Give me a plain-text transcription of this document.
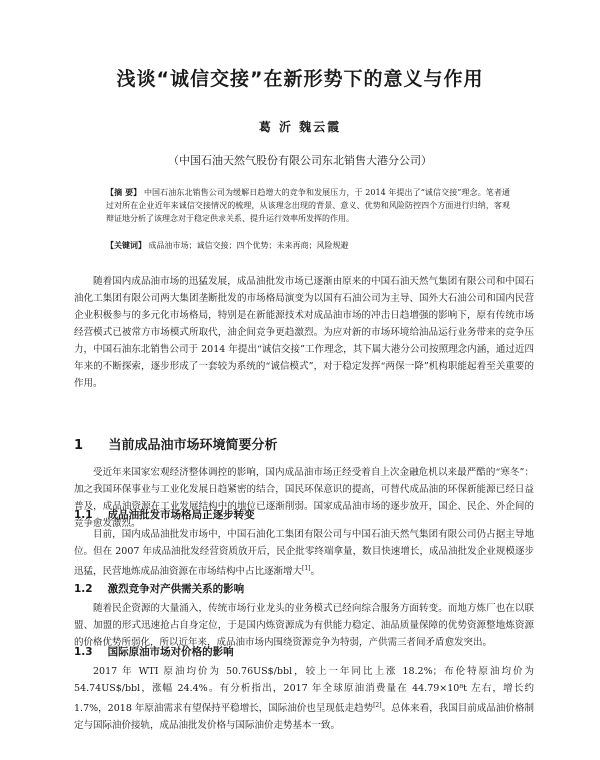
浅谈“诚信交接”在新形势下的意义与作用
葛 沂 魏云霞
（中国石油天然气股份有限公司东北销售大港分公司）
【摘 要】 中国石油东北销售公司为缓解日趋增大的竞争和发展压力，于 2014 年提出了“诚信交接”理念。笔者通过对所在企业近年来诚信交接情况的梳理，从该理念出现的背景、意义、优势和风险防控四个方面进行归纳，客观辩证地分析了该理念对于稳定供求关系、提升运行效率所发挥的作用。
【关键词】 成品油市场；诚信交接；四个优势；未来再商；风险规避

随着国内成品油市场的迅猛发展，成品油批发市场已逐渐由原来的中国石油天然气集团有限公司和中国石油化工集团有限公司两大集团垄断批发的市场格局演变为以国有石油公司为主导、国外大石油公司和国内民营企业积极参与的多元化市场格局，特别是在新能源技术对成品油市场的冲击日趋增强的影响下，原有传统市场经营模式已被常方市场模式所取代，油企间竞争更趋激烈。为应对新的市场环境给油品运行业务带来的竞争压力，中国石油东北销售公司于 2014 年提出“诚信交接”工作理念，其下属大港分公司按照理念内涵，通过近四年来的不断探索，逐步形成了一套较为系统的“诚信模式”，对于稳定发挥“两保一降”机构职能起着至关重要的作用。

1 当前成品油市场环境简要分析

受近年来国家宏观经济整体调控的影响，国内成品油市场正经受着自上次金融危机以来最严酷的“寒冬”：加之我国环保事业与工业化发展日趋紧密的结合，国民环保意识的提高，可替代成品油的环保新能源已经日益普及，成品油资源在工业发展结构中的地位已逐渐削弱。国家成品油市场的逐步放开，国企、民企、外企间的竞争愈发激烈。

1.1 成品油批发市场格局正逐步转变

目前，国内成品油批发市场中，中国石油化工集团有限公司与中国石油天然气集团有限公司仍占据主导地位。但在 2007 年成品油批发经营资质放开后，民企批零终端拿量，数目快速增长，成品油批发企业规模逐步迅猛，民营地炼成品油资源在市场结构中占比逐渐增大[1]。

1.2 激烈竞争对产供需关系的影响

随着民企资源的大量涌入，传统市场行业龙头的业务模式已经向综合服务方面转变。而地方炼厂也在以联盟、加盟的形式迅速抢占自身定位，于是国内炼资源成为有供能力稳定、油品质量保障的优势资源整地炼资源的价格优势所弱化，所以近年来，成品油市场内围绕资源竞争为特弱，产供需三者间矛盾愈发突出。

1.3 国际原油市场对价格的影响

2017 年 WTI 原油均价为 50.76US$/bbl，较上一年同比上涨 18.2%；布伦特原油均价为 54.74US$/bbl，涨幅 24.4%。有分析指出，2017 年全球原油消费量在 44.79×10⁸t 左右，增长约 1.7%，2018 年原油需求有望保持平稳增长，国际油价也呈现低走趋势[2]。总体来看，我国目前成品油价格制定与国际油价接轨，成品油批发价格与国际油价走势基本一致。
